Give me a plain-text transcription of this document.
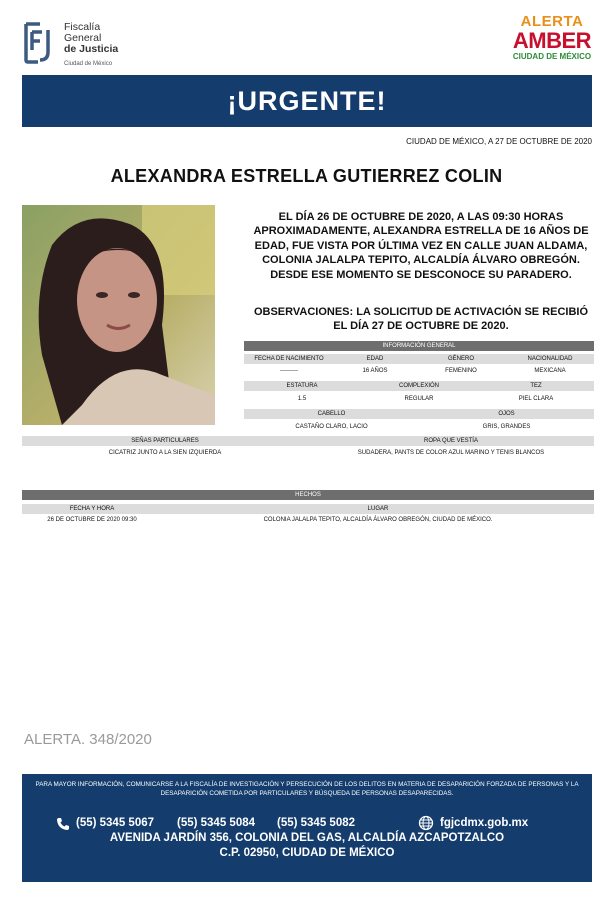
Fiscalía
General
de Justicia
Ciudad de México
ALERTA
AMBER
CIUDAD DE MÉXICO
¡URGENTE!
CIUDAD DE MÉXICO, A 27 DE OCTUBRE DE 2020
ALEXANDRA ESTRELLA GUTIERREZ COLIN
EL DÍA 26 DE OCTUBRE DE 2020, A LAS 09:30 HORAS APROXIMADAMENTE, ALEXANDRA ESTRELLA DE 16 AÑOS DE EDAD, FUE VISTA POR ÚLTIMA VEZ EN CALLE JUAN ALDAMA, COLONIA JALALPA TEPITO, ALCALDÍA ÁLVARO OBREGÓN. DESDE ESE MOMENTO SE DESCONOCE SU PARADERO.
OBSERVACIONES: LA SOLICITUD DE ACTIVACIÓN SE RECIBIÓ EL DÍA 27 DE OCTUBRE DE 2020.
INFORMACIÓN GENERAL
FECHA DE NACIMIENTO	EDAD	GÉNERO	NACIONALIDAD
---------	16 AÑOS	FEMENINO	MEXICANA
ESTATURA	COMPLEXIÓN	TEZ
1.5	REGULAR	PIEL CLARA
CABELLO	OJOS
CASTAÑO CLARO, LACIO	GRIS, GRANDES
SEÑAS PARTICULARES	ROPA QUE VESTÍA
CICATRIZ JUNTO A LA SIEN IZQUIERDA	SUDADERA, PANTS DE COLOR AZUL MARINO Y TENIS BLANCOS
HECHOS
FECHA Y HORA	LUGAR
26 DE OCTUBRE DE 2020 09:30	COLONIA JALALPA TEPITO, ALCALDÍA ÁLVARO OBREGÓN, CIUDAD DE MÉXICO.
ALERTA. 348/2020
PARA MAYOR INFORMACIÓN, COMUNICARSE A LA FISCALÍA DE INVESTIGACIÓN Y PERSECUCIÓN DE LOS DELITOS EN MATERIA DE DESAPARICIÓN FORZADA DE PERSONAS Y LA DESAPARICIÓN COMETIDA POR PARTICULARES Y BÚSQUEDA DE PERSONAS DESAPARECIDAS.
(55) 5345 5067 (55) 5345 5084 (55) 5345 5082	fgjcdmx.gob.mx
AVENIDA JARDÍN 356, COLONIA DEL GAS, ALCALDÍA AZCAPOTZALCO
C.P. 02950, CIUDAD DE MÉXICO
